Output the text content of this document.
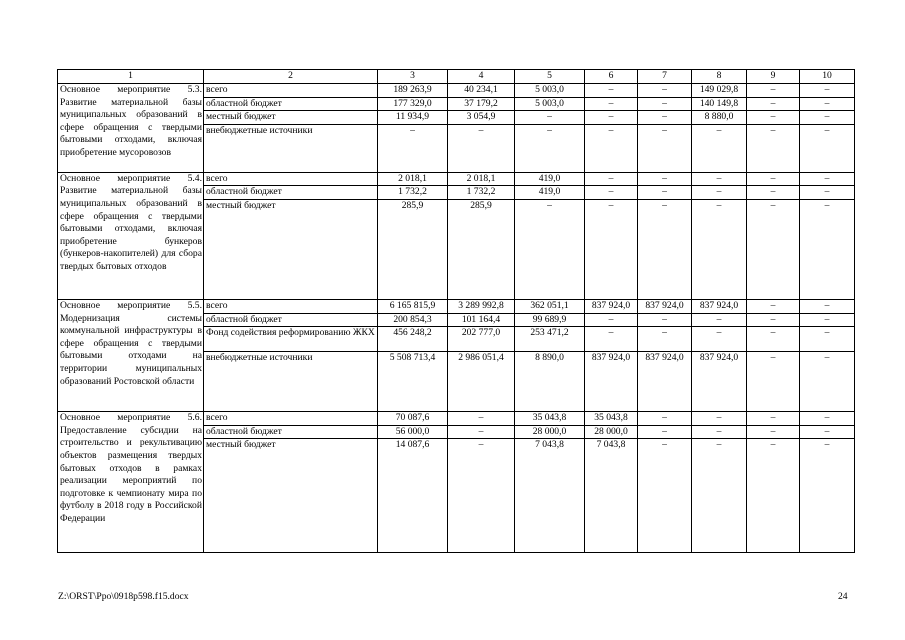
1	2	3	4	5	6	7	8	9	10
Основное мероприятие 5.3. Развитие материальной базы муниципальных образований в сфере обращения с твердыми бытовыми отходами, включая приобретение мусоровозов	всего	189 263,9	40 234,1	5 003,0	–	–	149 029,8	–	–
	областной бюджет	177 329,0	37 179,2	5 003,0	–	–	140 149,8	–	–
	местный бюджет	11 934,9	3 054,9	–	–	–	8 880,0	–	–
	внебюджетные источники	–	–	–	–	–	–	–	–
Основное мероприятие 5.4. Развитие материальной базы муниципальных образований в сфере обращения с твердыми бытовыми отходами, включая приобретение бункеров (бункеров-накопителей) для сбора твердых бытовых отходов	всего	2 018,1	2 018,1	419,0	–	–	–	–	–
	областной бюджет	1 732,2	1 732,2	419,0	–	–	–	–	–
	местный бюджет	285,9	285,9	–	–	–	–	–	–
Основное мероприятие 5.5. Модернизация системы коммунальной инфраструктуры в сфере обращения с твердыми бытовыми отходами на территории муниципальных образований Ростовской области	всего	6 165 815,9	3 289 992,8	362 051,1	837 924,0	837 924,0	837 924,0	–	–
	областной бюджет	200 854,3	101 164,4	99 689,9	–	–	–	–	–
	Фонд содействия реформированию ЖКХ	456 248,2	202 777,0	253 471,2	–	–	–	–	–
	внебюджетные источники	5 508 713,4	2 986 051,4	8 890,0	837 924,0	837 924,0	837 924,0	–	–
Основное мероприятие 5.6. Предоставление субсидии на строительство и рекультивацию объектов размещения твердых бытовых отходов в рамках реализации мероприятий по подготовке к чемпионату мира по футболу в 2018 году в Российской Федерации	всего	70 087,6	–	35 043,8	35 043,8	–	–	–	–
	областной бюджет	56 000,0	–	28 000,0	28 000,0	–	–	–	–
	местный бюджет	14 087,6	–	7 043,8	7 043,8	–	–	–	–
Z:\ORST\Ppo\0918p598.f15.docx	24
